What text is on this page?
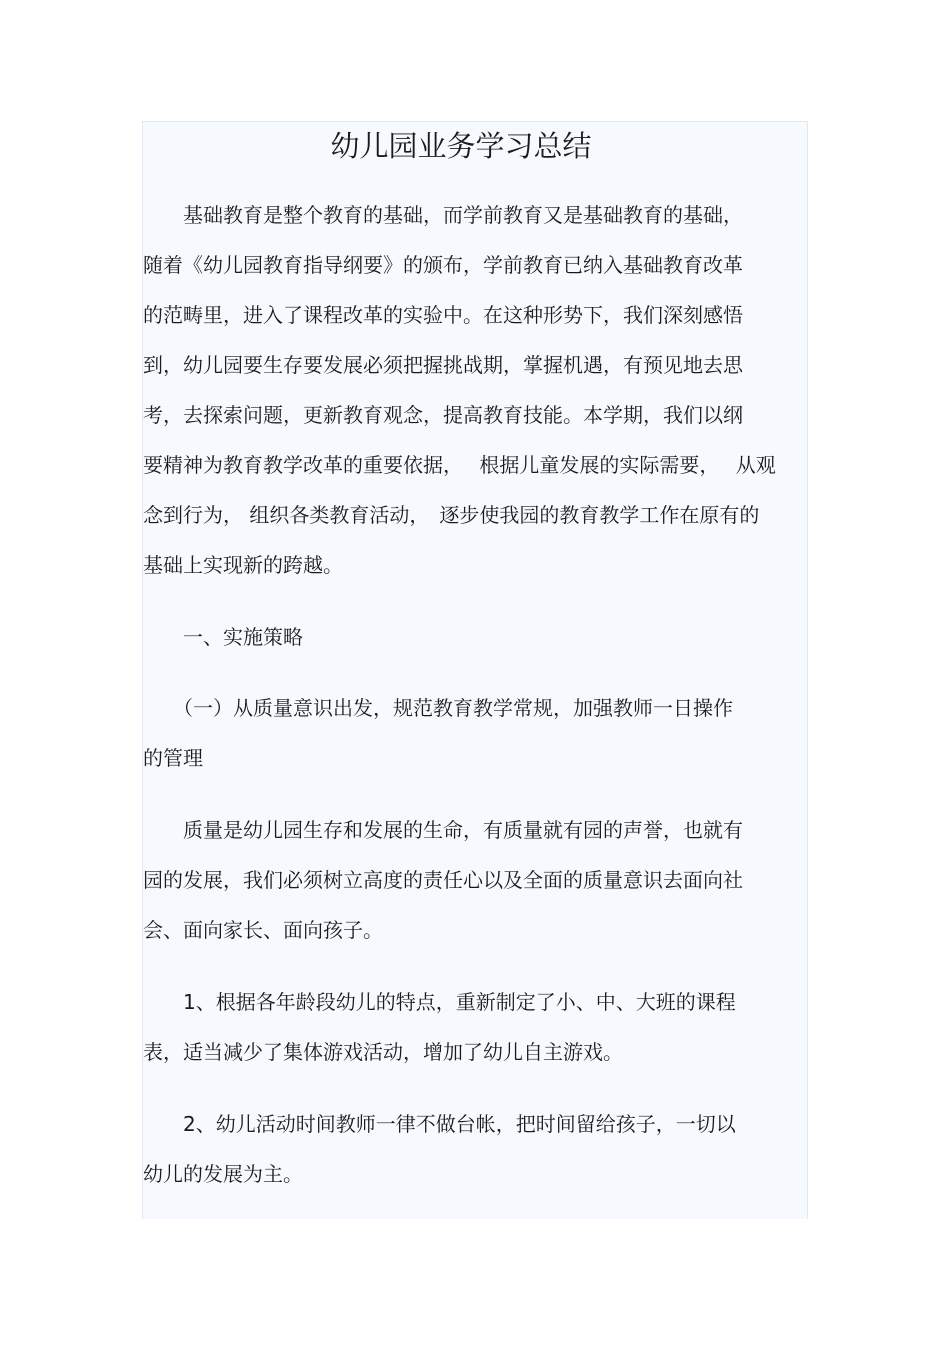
幼儿园业务学习总结

　　基础教育是整个教育的基础，而学前教育又是基础教育的基础，

随着《幼儿园教育指导纲要》的颁布，学前教育已纳入基础教育改革

的范畴里，进入了课程改革的实验中。在这种形势下，我们深刻感悟

到，幼儿园要生存要发展必须把握挑战期，掌握机遇，有预见地去思

考，去探索问题，更新教育观念，提高教育技能。本学期，我们以纲

要精神为教育教学改革的重要依据，　 根据儿童发展的实际需要，　 从观

念到行为， 组织各类教育活动，　逐步使我园的教育教学工作在原有的

基础上实现新的跨越。

　　一、实施策略

　　（一）从质量意识出发，规范教育教学常规，加强教师一日操作

的管理

　　质量是幼儿园生存和发展的生命，有质量就有园的声誉，也就有

园的发展，我们必须树立高度的责任心以及全面的质量意识去面向社

会、面向家长、面向孩子。

　　1、根据各年龄段幼儿的特点，重新制定了小、中、大班的课程

表，适当减少了集体游戏活动，增加了幼儿自主游戏。

　　2、幼儿活动时间教师一律不做台帐，把时间留给孩子，一切以

幼儿的发展为主。
